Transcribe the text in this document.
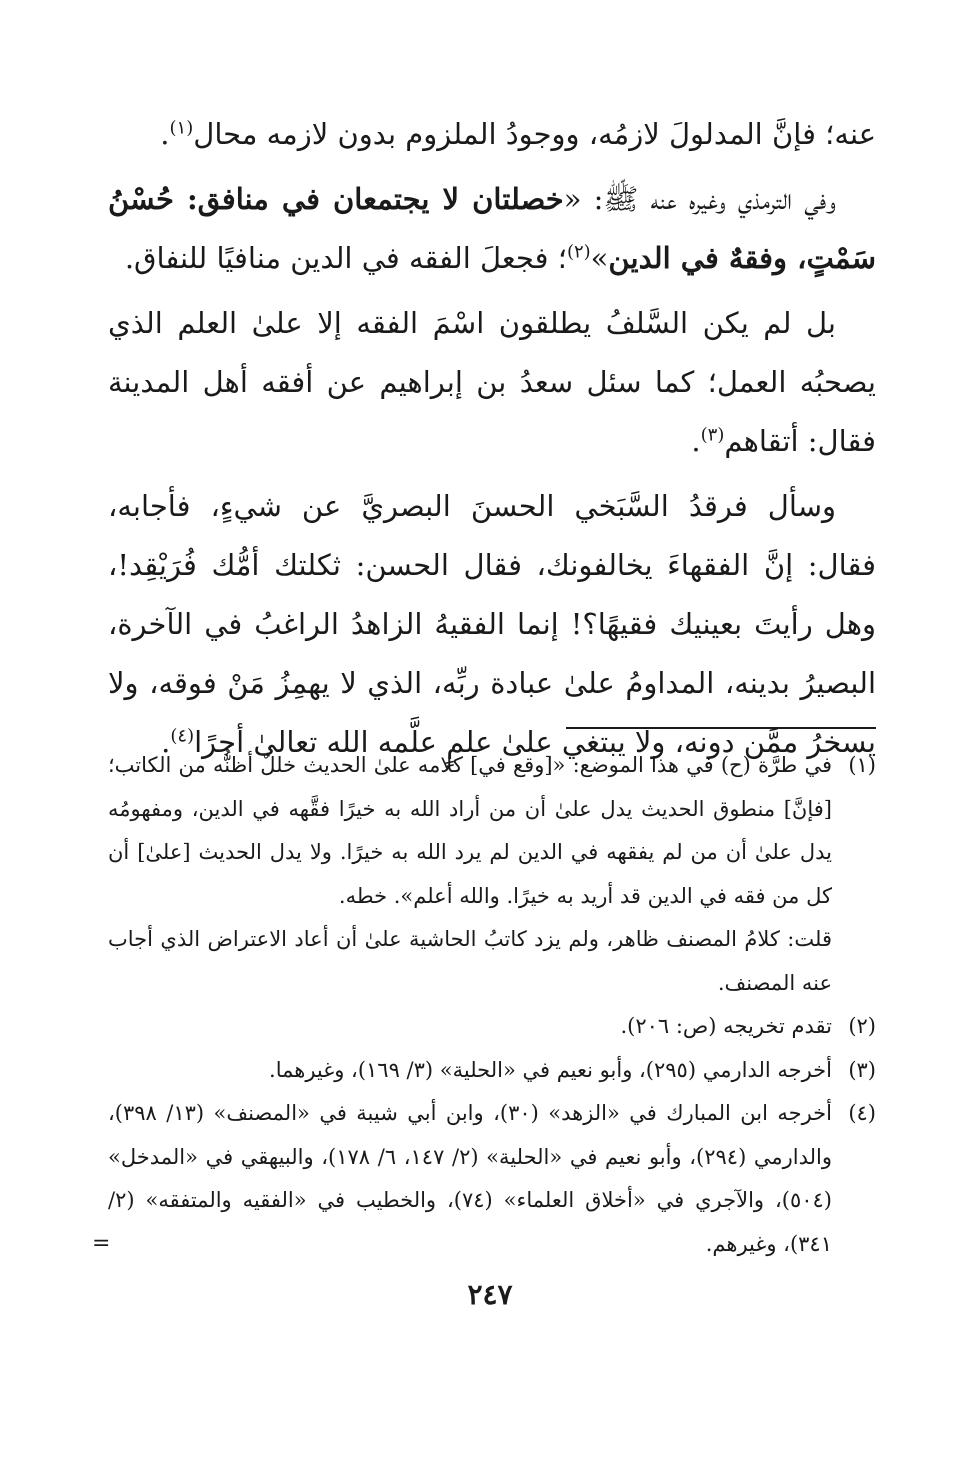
عنه؛ فإنَّ المدلولَ لازمُه، ووجودُ الملزوم بدون لازمه محال$^{(١)}$.

وفي الترمذي وغيره عنه ﷺ: «خصلتان لا يجتمعان في منافق: حُسْنُ سَمْتٍ، وفقهٌ في الدين»$^{(٢)}$؛ فجعلَ الفقه في الدين منافيًا للنفاق.

بل لم يكن السَّلفُ يطلقون اسْمَ الفقه إلا علىٰ العلم الذي يصحبُه العمل؛ كما سئل سعدُ بن إبراهيم عن أفقه أهل المدينة فقال: أتقاهم$^{(٣)}$.

وسأل فرقدُ السَّبَخي الحسنَ البصريَّ عن شيءٍ، فأجابه، فقال: إنَّ الفقهاءَ يخالفونك، فقال الحسن: ثكلتك أمُّك فُرَيْقِد!، وهل رأيتَ بعينيك فقيهًا؟! إنما الفقيهُ الزاهدُ الراغبُ في الآخرة، البصيرُ بدينه، المداومُ علىٰ عبادة ربِّه، الذي لا يهمِزُ مَنْ فوقه، ولا يسخرُ ممَّن دونه، ولا يبتغي علىٰ علمٍ علَّمه الله تعالىٰ أجرًا$^{(٤)}$.

(١)

في طرَّة (ح) في هذا الموضع: «[وقع في] كلامه علىٰ الحديث خللٌ أظنُّه من الكاتب؛ [فإنَّ] منطوق الحديث يدل علىٰ أن من أراد الله به خيرًا فقَّهه في الدين، ومفهومُه يدل علىٰ أن من لم يفقهه في الدين لم يرد الله به خيرًا. ولا يدل الحديث [علىٰ] أن كل من فقه في الدين قد أريد به خيرًا. والله أعلم». خطه.

قلت: كلامُ المصنف ظاهر، ولم يزد كاتبُ الحاشية علىٰ أن أعاد الاعتراض الذي أجاب عنه المصنف.

(٢)

تقدم تخريجه (ص: ٢٠٦).

(٣)

أخرجه الدارمي (٢٩٥)، وأبو نعيم في «الحلية» (٣/ ١٦٩)، وغيرهما.

(٤)

أخرجه ابن المبارك في «الزهد» (٣٠)، وابن أبي شيبة في «المصنف» (١٣/ ٣٩٨)، والدارمي (٢٩٤)، وأبو نعيم في «الحلية» (٢/ ١٤٧، ٦/ ١٧٨)، والبيهقي في «المدخل» (٥٠٤)، والآجري في «أخلاق العلماء» (٧٤)، والخطيب في «الفقيه والمتفقه» (٢/ ٣٤١)، وغيرهم.

=
٢٤٧
